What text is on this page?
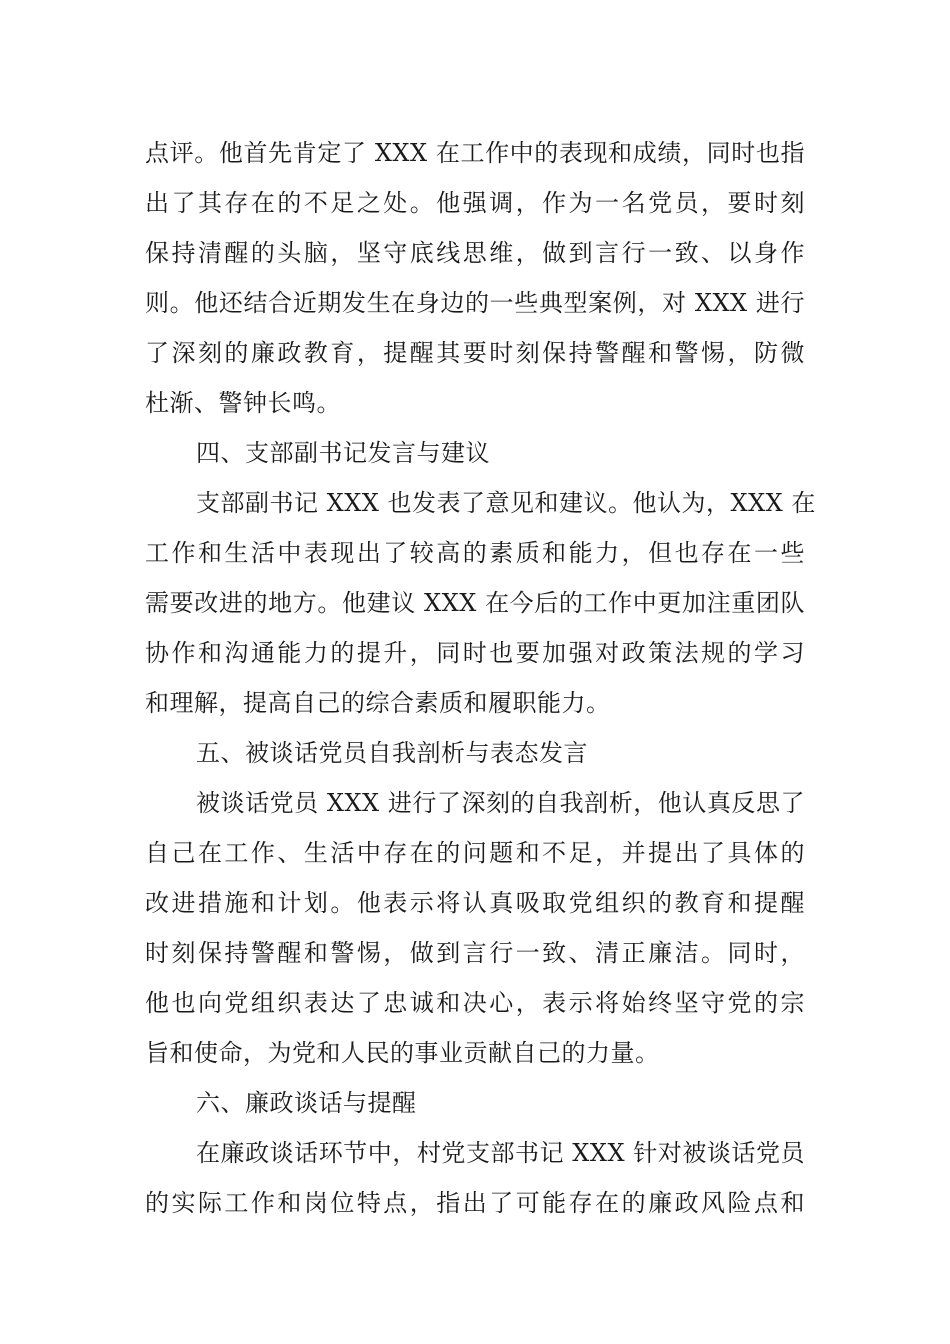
点评。他首先肯定了 XXX 在工作中的表现和成绩，同时也指
出了其存在的不足之处。他强调，作为一名党员，要时刻
保持清醒的头脑，坚守底线思维，做到言行一致、以身作
则。他还结合近期发生在身边的一些典型案例，对 XXX 进行
了深刻的廉政教育，提醒其要时刻保持警醒和警惕，防微
杜渐、警钟长鸣。
四、支部副书记发言与建议
支部副书记 XXX 也发表了意见和建议。他认为，XXX 在
工作和生活中表现出了较高的素质和能力，但也存在一些
需要改进的地方。他建议 XXX 在今后的工作中更加注重团队
协作和沟通能力的提升，同时也要加强对政策法规的学习
和理解，提高自己的综合素质和履职能力。
五、被谈话党员自我剖析与表态发言
被谈话党员 XXX 进行了深刻的自我剖析，他认真反思了
自己在工作、生活中存在的问题和不足，并提出了具体的
改进措施和计划。他表示将认真吸取党组织的教育和提醒
时刻保持警醒和警惕，做到言行一致、清正廉洁。同时，
他也向党组织表达了忠诚和决心，表示将始终坚守党的宗
旨和使命，为党和人民的事业贡献自己的力量。
六、廉政谈话与提醒
在廉政谈话环节中，村党支部书记 XXX 针对被谈话党员
的实际工作和岗位特点，指出了可能存在的廉政风险点和
